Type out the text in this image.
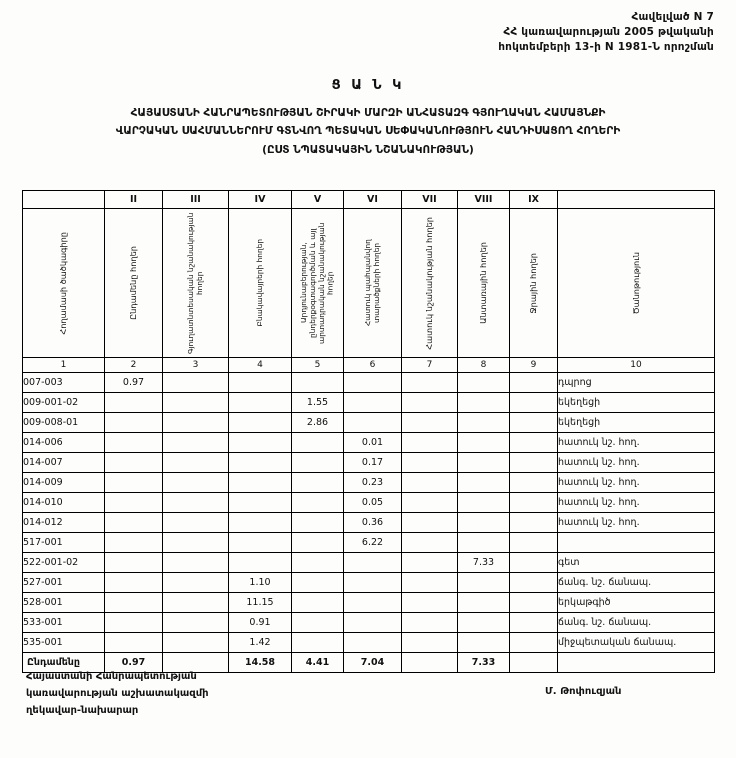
Հավելված N 7
ՀՀ կառավարության 2005 թվականի
հոկտեմբերի 13-ի N 1981-Ն որոշման
Ց Ա Ն Կ
ՀԱՅԱՍՏԱՆԻ ՀԱՆՐԱՊԵՏՈՒԹՅԱՆ ՇԻՐԱԿԻ ՄԱՐԶԻ ԱՆՀԱՏԱԶԳ ԳՅՈՒՂԱԿԱՆ ՀԱՄԱՅՆՔԻ
ՎԱՐՉԱԿԱՆ ՍԱՀՄԱՆՆԵՐՈՒՄ ԳՏՆՎՈՂ ՊԵՏԱԿԱՆ ՍԵՓԱԿԱՆՈՒԹՅՈՒՆ ՀԱՆԴԻՍԱՑՈՂ ՀՈՂԵՐԻ
(ԸՍՏ ՆՊԱՏԱԿԱՅԻՆ ՆՇԱՆԱԿՈՒԹՅԱՆ)
	II	III	IV	V	VI	VII	VIII	IX	

Հողամասի ծածկագիրը	Ընդամենը հողեր	Գյուղատնտեսական նշանակության հողեր	Բնակավայրերի հողեր	Արդյունաբերության, ընդերքօգտագործման և այլ արտադրական նշանակության հողեր	Հատուկ պահպանվող տարածքների հողեր	Հատուկ նշանակության հողեր	Անտառային հողեր	Ջրային հողեր	Ծանոթություն

1	2	3	4	5	6	7	8	9	10
007-003	0.97								դպրոց
009-001-02				1.55					եկեղեցի
009-008-01				2.86					եկեղեցի
014-006					0.01				հատուկ նշ. հող.
014-007					0.17				հատուկ նշ. հող.
014-009					0.23				հատուկ նշ. հող.
014-010					0.05				հատուկ նշ. հող.
014-012					0.36				հատուկ նշ. հող.
517-001					6.22				
522-001-02							7.33		գետ
527-001			1.10						ճանգ. նշ. ճանապ.
528-001			11.15						երկաթգիծ
533-001			0.91						ճանգ. նշ. ճանապ.
535-001			1.42						միջպետական ճանապ.
Ընդամենը	0.97		14.58	4.41	7.04		7.33		
Հայաստանի Հանրապետության
կառավարության աշխատակազմի
ղեկավար-նախարար
Մ. Թոփուզյան
